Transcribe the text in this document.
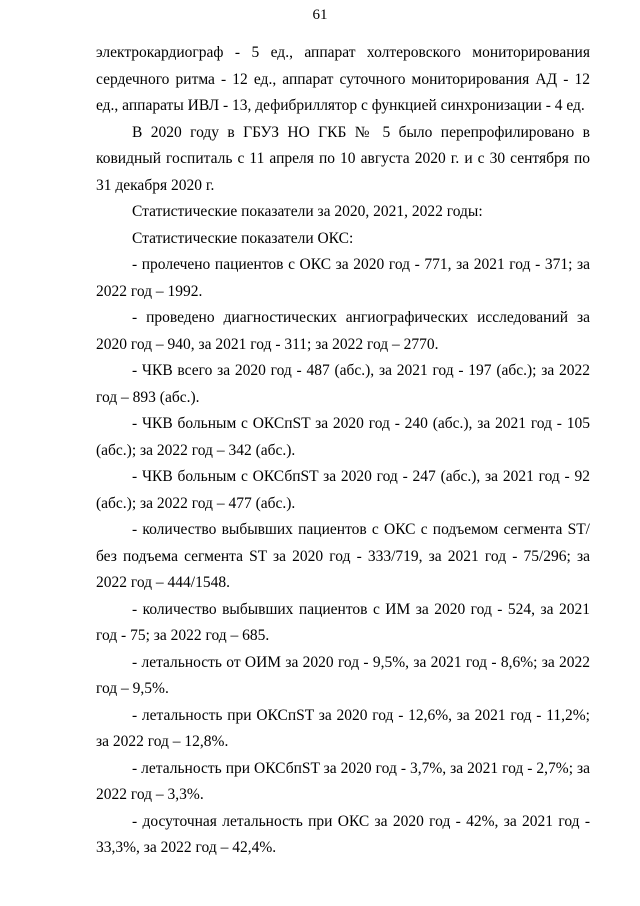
61

электрокардиограф - 5 ед., аппарат холтеровского мониторирования сердечного ритма - 12 ед., аппарат суточного мониторирования АД - 12 ед., аппараты ИВЛ - 13, дефибриллятор с функцией синхронизации - 4 ед.

В 2020 году в ГБУЗ НО ГКБ № 5 было перепрофилировано в ковидный госпиталь с 11 апреля по 10 августа 2020 г. и с 30 сентября по 31 декабря 2020 г.

Статистические показатели за 2020, 2021, 2022 годы:

Статистические показатели ОКС:

- пролечено пациентов с ОКС за 2020 год - 771, за 2021 год - 371; за 2022 год – 1992.

- проведено диагностических ангиографических исследований за 2020 год – 940, за 2021 год - 311; за 2022 год – 2770.

- ЧКВ всего за 2020 год - 487 (абс.), за 2021 год - 197 (абс.); за 2022 год – 893 (абс.).

- ЧКВ больным с ОКСпST за 2020 год - 240 (абс.), за 2021 год - 105 (абс.); за 2022 год – 342 (абс.).

- ЧКВ больным с ОКСбпST за 2020 год - 247 (абс.), за 2021 год - 92 (абс.); за 2022 год – 477 (абс.).

- количество выбывших пациентов с ОКС с подъемом сегмента ST/без подъема сегмента ST за 2020 год - 333/719, за 2021 год - 75/296; за 2022 год – 444/1548.

- количество выбывших пациентов с ИМ за 2020 год - 524, за 2021 год - 75; за 2022 год – 685.

- летальность от ОИМ за 2020 год - 9,5%, за 2021 год - 8,6%; за 2022 год – 9,5%.

- летальность при ОКСпST за 2020 год - 12,6%, за 2021 год - 11,2%; за 2022 год – 12,8%.

- летальность при ОКСбпST за 2020 год - 3,7%, за 2021 год - 2,7%; за 2022 год – 3,3%.

- досуточная летальность при ОКС за 2020 год - 42%, за 2021 год - 33,3%, за 2022 год – 42,4%.
